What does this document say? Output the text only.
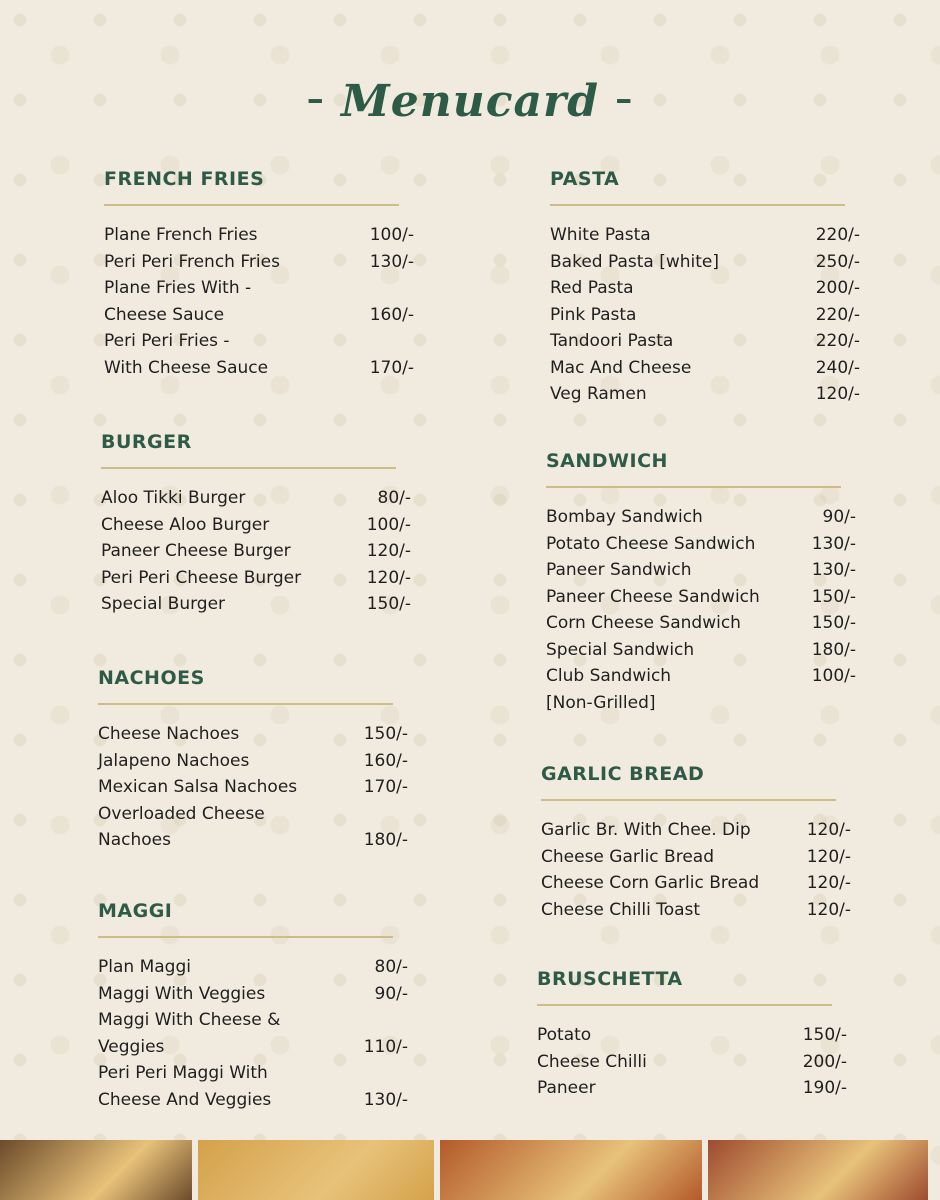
– Menucard –
FRENCH FRIES
Plane French Fries	100/-
Peri Peri French Fries	130/-
Plane Fries With -
Cheese Sauce	160/-
Peri Peri Fries -
With Cheese Sauce	170/-
BURGER
Aloo Tikki Burger	80/-
Cheese Aloo Burger	100/-
Paneer Cheese Burger	120/-
Peri Peri Cheese Burger	120/-
Special Burger	150/-
NACHOES
Cheese Nachoes	150/-
Jalapeno Nachoes	160/-
Mexican Salsa Nachoes	170/-
Overloaded Cheese
Nachoes	180/-
MAGGI
Plan Maggi	80/-
Maggi With Veggies	90/-
Maggi With Cheese &
Veggies	110/-
Peri Peri Maggi With
Cheese And Veggies	130/-
PASTA
White Pasta	220/-
Baked Pasta [white]	250/-
Red Pasta	200/-
Pink Pasta	220/-
Tandoori Pasta	220/-
Mac And Cheese	240/-
Veg Ramen	120/-
SANDWICH
Bombay Sandwich	90/-
Potato Cheese Sandwich	130/-
Paneer Sandwich	130/-
Paneer Cheese Sandwich	150/-
Corn Cheese Sandwich	150/-
Special Sandwich	180/-
Club Sandwich	100/-
[Non-Grilled]
GARLIC BREAD
Garlic Br. With Chee. Dip	120/-
Cheese Garlic Bread	120/-
Cheese Corn Garlic Bread	120/-
Cheese Chilli Toast	120/-
BRUSCHETTA
Potato	150/-
Cheese Chilli	200/-
Paneer	190/-
